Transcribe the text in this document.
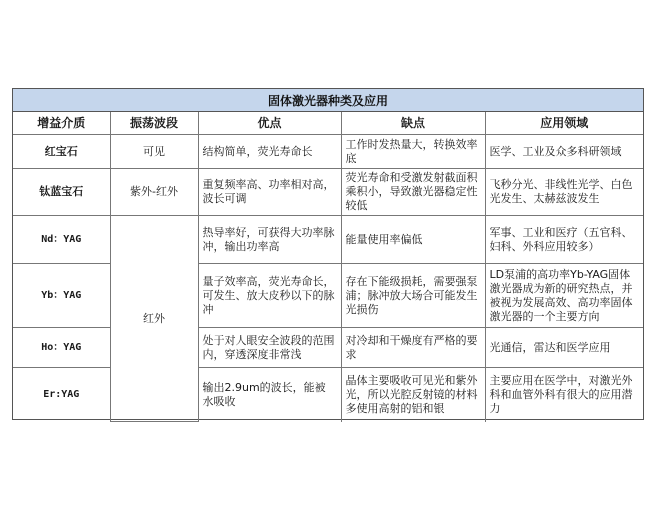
固体激光器种类及应用
增益介质	振荡波段	优点	缺点	应用领域
红宝石	可见	结构简单，荧光寿命长	工作时发热量大，转换效率底	医学、工业及众多科研领域
钛蓝宝石	紫外-红外	重复频率高、功率相对高，波长可调	荧光寿命和受激发射截面积乘积小，导致激光器稳定性较低	飞秒分光、非线性光学、白色光发生、太赫兹波发生
Nd：YAG	红外	热导率好，可获得大功率脉冲，输出功率高	能量使用率偏低	军事、工业和医疗（五官科、妇科、外科应用较多）
Yb：YAG		量子效率高，荧光寿命长，可发生、放大皮秒以下的脉冲	存在下能级损耗，需要强泵浦；脉冲放大场合可能发生光损伤	LD泵浦的高功率Yb-YAG固体激光器成为新的研究热点，并被视为发展高效、高功率固体激光器的一个主要方向
Ho：YAG		处于对人眼安全波段的范围内，穿透深度非常浅	对冷却和干燥度有严格的要求	光通信，雷达和医学应用
Er:YAG		输出2.9um的波长，能被水吸收	晶体主要吸收可见光和紫外光，所以光腔反射镜的材料多使用高射的铝和银	主要应用在医学中，对激光外科和血管外科有很大的应用潜力
